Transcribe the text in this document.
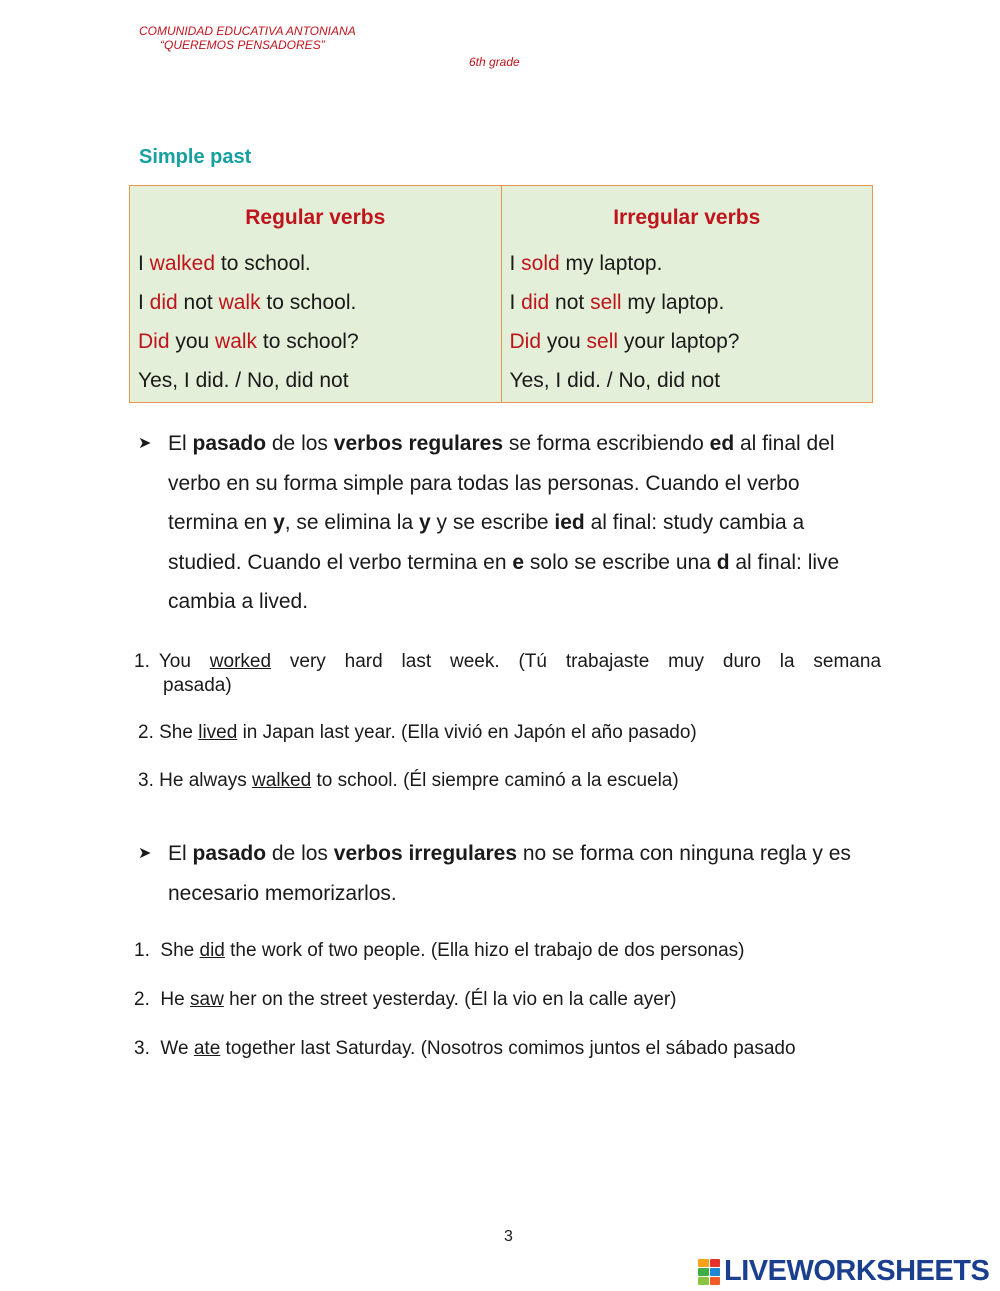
COMUNIDAD EDUCATIVA ANTONIANA
“QUEREMOS PENSADORES”
6th grade
Simple past
Regular verbs
I walked to school.
I did not walk to school.
Did you walk to school?
Yes, I did. / No, did not
Irregular verbs
I sold my laptop.
I did not sell my laptop.
Did you sell your laptop?
Yes, I did. / No, did not
➤ El pasado de los verbos regulares se forma escribiendo ed al final del verbo en su forma simple para todas las personas. Cuando el verbo termina en y, se elimina la y y se escribe ied al final: study cambia a studied. Cuando el verbo termina en e solo se escribe una d al final: live cambia a lived.
1. You worked very hard last week. (Tú trabajaste muy duro la semana
pasada)
2. She lived in Japan last year. (Ella vivió en Japón el año pasado)
3. He always walked to school. (Él siempre caminó a la escuela)
➤ El pasado de los verbos irregulares no se forma con ninguna regla y es necesario memorizarlos.
1. She did the work of two people. (Ella hizo el trabajo de dos personas)
2. He saw her on the street yesterday. (Él la vio en la calle ayer)
3. We ate together last Saturday. (Nosotros comimos juntos el sábado pasado
3
LIVEWORKSHEETS
